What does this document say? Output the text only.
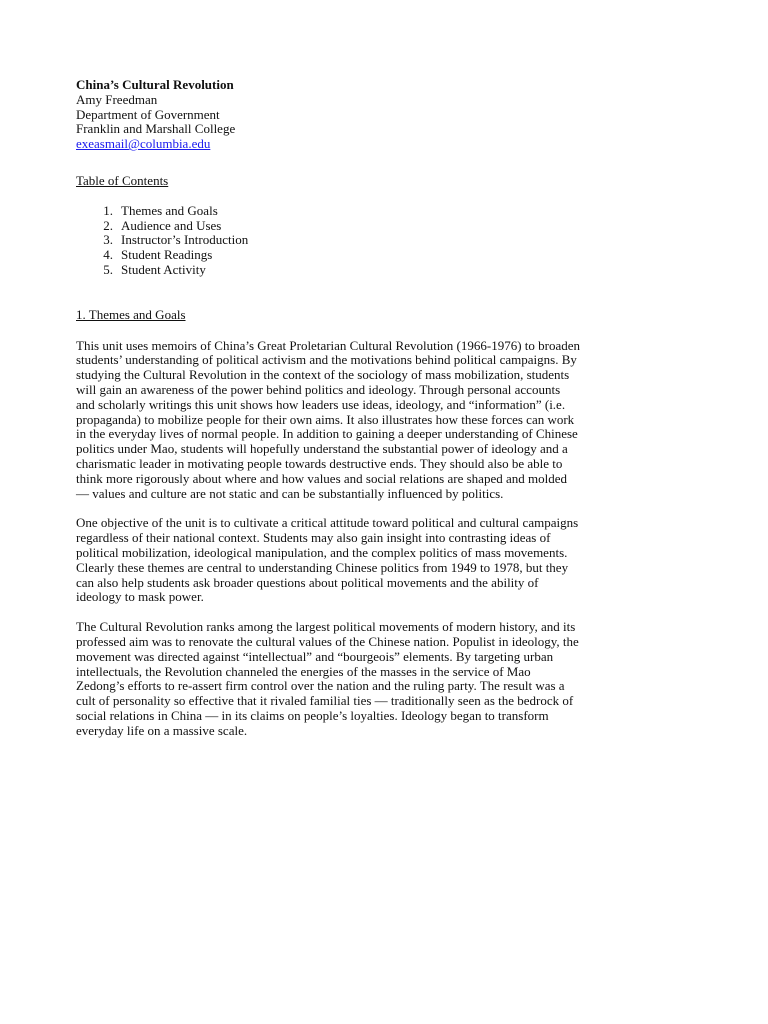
China’s Cultural Revolution
Amy Freedman
Department of Government
Franklin and Marshall College
exeasmail@columbia.edu
Table of Contents
1. Themes and Goals
2. Audience and Uses
3. Instructor’s Introduction
4. Student Readings
5. Student Activity
1. Themes and Goals
This unit uses memoirs of China’s Great Proletarian Cultural Revolution (1966-1976) to broaden
students’ understanding of political activism and the motivations behind political campaigns. By
studying the Cultural Revolution in the context of the sociology of mass mobilization, students
will gain an awareness of the power behind politics and ideology. Through personal accounts
and scholarly writings this unit shows how leaders use ideas, ideology, and “information” (i.e.
propaganda) to mobilize people for their own aims. It also illustrates how these forces can work
in the everyday lives of normal people. In addition to gaining a deeper understanding of Chinese
politics under Mao, students will hopefully understand the substantial power of ideology and a
charismatic leader in motivating people towards destructive ends. They should also be able to
think more rigorously about where and how values and social relations are shaped and molded
— values and culture are not static and can be substantially influenced by politics.
One objective of the unit is to cultivate a critical attitude toward political and cultural campaigns
regardless of their national context. Students may also gain insight into contrasting ideas of
political mobilization, ideological manipulation, and the complex politics of mass movements.
Clearly these themes are central to understanding Chinese politics from 1949 to 1978, but they
can also help students ask broader questions about political movements and the ability of
ideology to mask power.
The Cultural Revolution ranks among the largest political movements of modern history, and its
professed aim was to renovate the cultural values of the Chinese nation. Populist in ideology, the
movement was directed against “intellectual” and “bourgeois” elements. By targeting urban
intellectuals, the Revolution channeled the energies of the masses in the service of Mao
Zedong’s efforts to re-assert firm control over the nation and the ruling party. The result was a
cult of personality so effective that it rivaled familial ties — traditionally seen as the bedrock of
social relations in China — in its claims on people’s loyalties. Ideology began to transform
everyday life on a massive scale.
